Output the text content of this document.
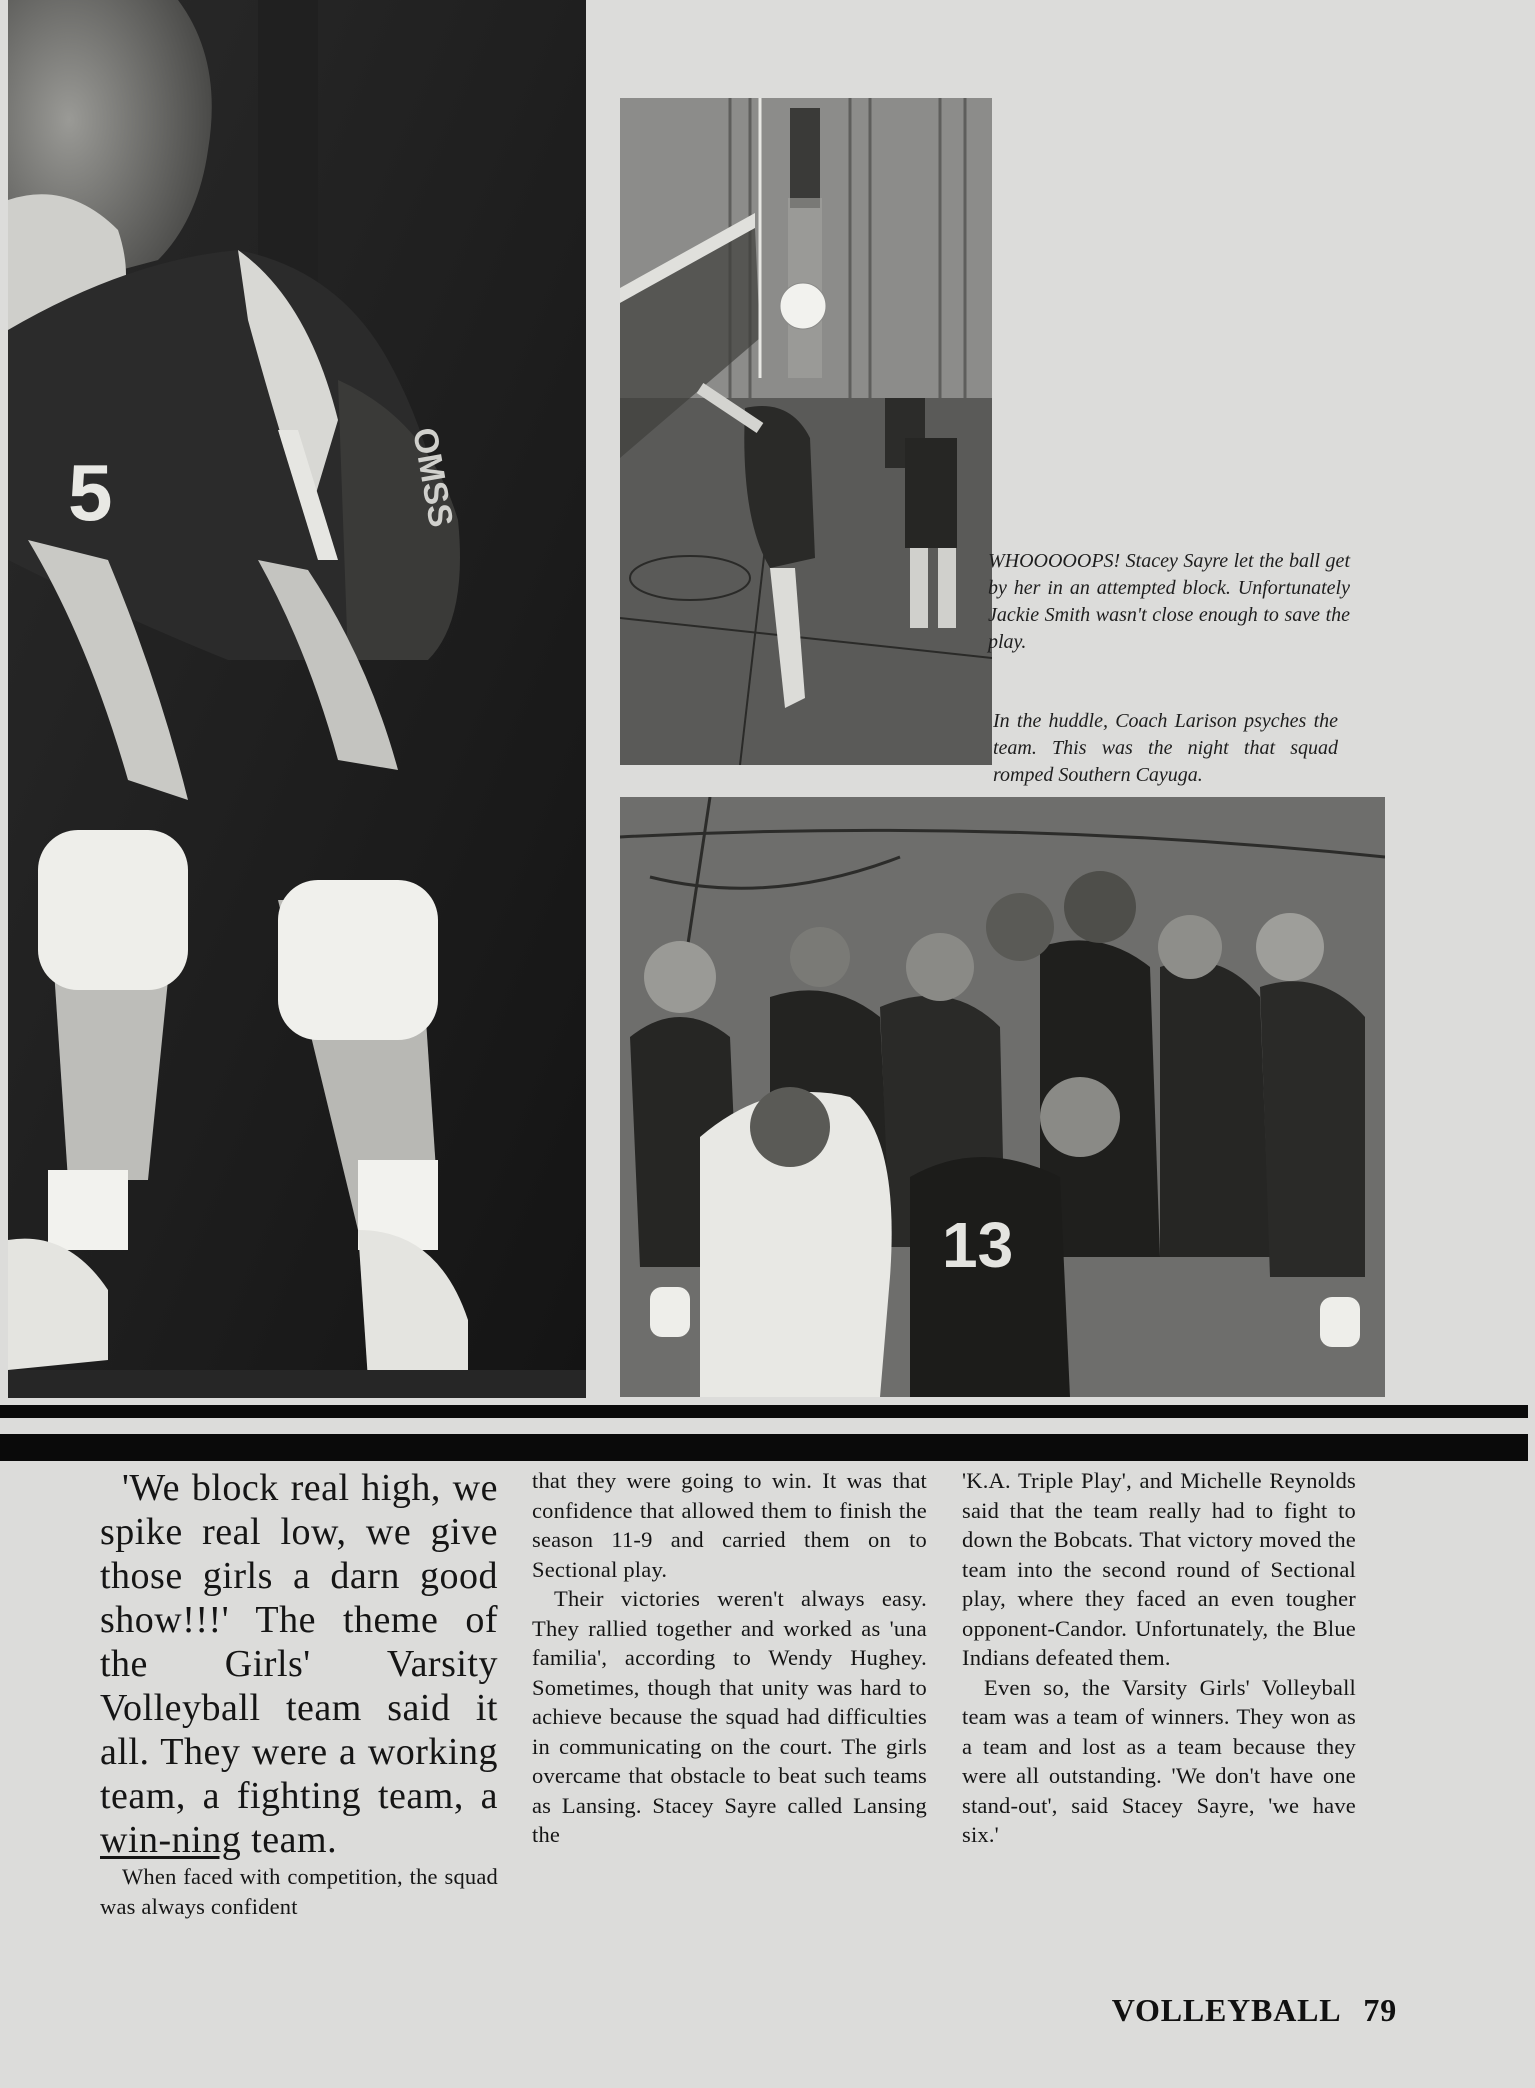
5	OMSS

WHOOOOOPS! Stacey Sayre let the ball get by her in an attempted block. Unfortunately Jackie Smith wasn't close enough to save the play.

In the huddle, Coach Larison psyches the team. This was the night that squad romped Southern Cayuga.

13

'We block real high, we spike real low, we give those girls a darn good show!!!' The theme of the Girls' Varsity Volleyball team said it all. They were a working team, a fighting team, a win-ning team.

When faced with competition, the squad was always confident

that they were going to win. It was that confidence that allowed them to finish the season 11-9 and carried them on to Sectional play.

Their victories weren't always easy. They rallied together and worked as 'una familia', according to Wendy Hughey. Sometimes, though that unity was hard to achieve because the squad had difficulties in communicating on the court. The girls overcame that obstacle to beat such teams as Lansing. Stacey Sayre called Lansing the

'K.A. Triple Play', and Michelle Reynolds said that the team really had to fight to down the Bobcats. That victory moved the team into the second round of Sectional play, where they faced an even tougher opponent-Candor. Unfortunately, the Blue Indians defeated them.

Even so, the Varsity Girls' Volleyball team was a team of winners. They won as a team and lost as a team because they were all outstanding. 'We don't have one stand-out', said Stacey Sayre, 'we have six.'

VOLLEYBALL 79
